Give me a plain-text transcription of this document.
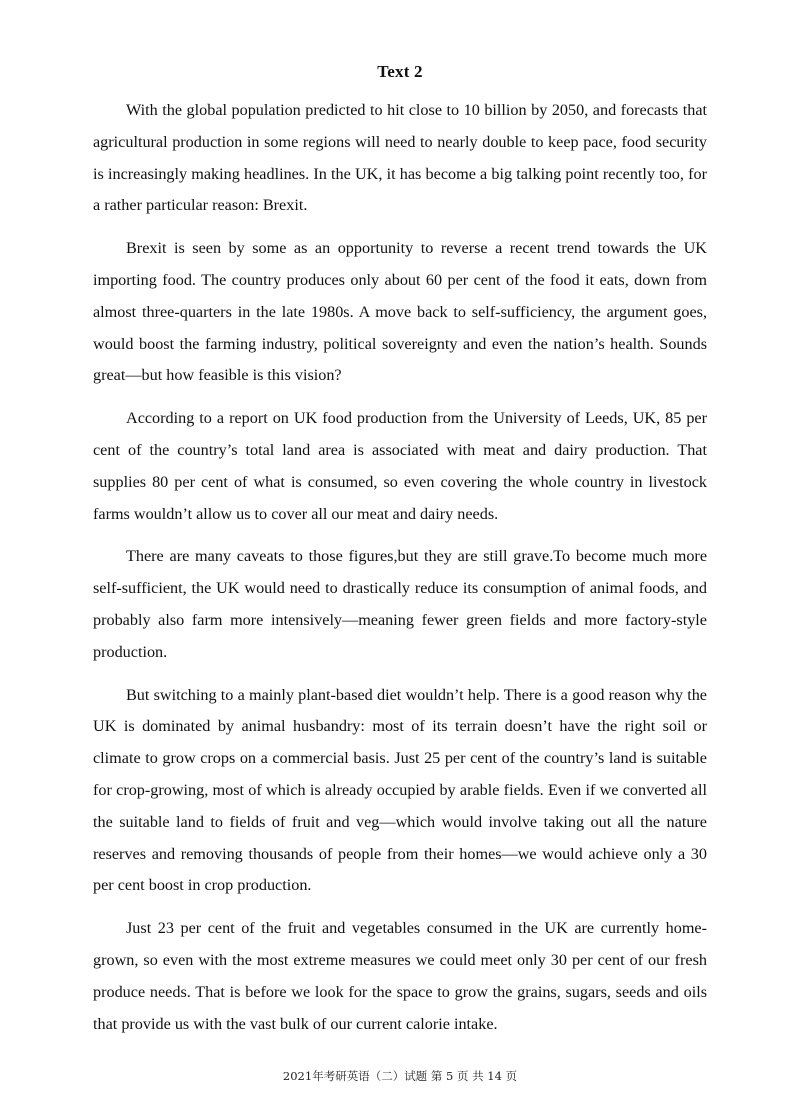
Text 2

With the global population predicted to hit close to 10 billion by 2050, and forecasts that agricultural production in some regions will need to nearly double to keep pace, food security is increasingly making headlines. In the UK, it has become a big talking point recently too, for a rather particular reason: Brexit.

Brexit is seen by some as an opportunity to reverse a recent trend towards the UK importing food. The country produces only about 60 per cent of the food it eats, down from almost three-quarters in the late 1980s. A move back to self-sufficiency, the argument goes, would boost the farming industry, political sovereignty and even the nation’s health. Sounds great—but how feasible is this vision?

According to a report on UK food production from the University of Leeds, UK, 85 per cent of the country’s total land area is associated with meat and dairy production. That supplies 80 per cent of what is consumed, so even covering the whole country in livestock farms wouldn’t allow us to cover all our meat and dairy needs.

There are many caveats to those figures,but they are still grave.To become much more self-sufficient, the UK would need to drastically reduce its consumption of animal foods, and probably also farm more intensively—meaning fewer green fields and more factory-style production.

But switching to a mainly plant-based diet wouldn’t help. There is a good reason why the UK is dominated by animal husbandry: most of its terrain doesn’t have the right soil or climate to grow crops on a commercial basis. Just 25 per cent of the country’s land is suitable for crop-growing, most of which is already occupied by arable fields. Even if we converted all the suitable land to fields of fruit and veg—which would involve taking out all the nature reserves and removing thousands of people from their homes—we would achieve only a 30 per cent boost in crop production.

Just 23 per cent of the fruit and vegetables consumed in the UK are currently home-grown, so even with the most extreme measures we could meet only 30 per cent of our fresh produce needs. That is before we look for the space to grow the grains, sugars, seeds and oils that provide us with the vast bulk of our current calorie intake.

2021年考研英语（二）试题 第 5 页 共 14 页
